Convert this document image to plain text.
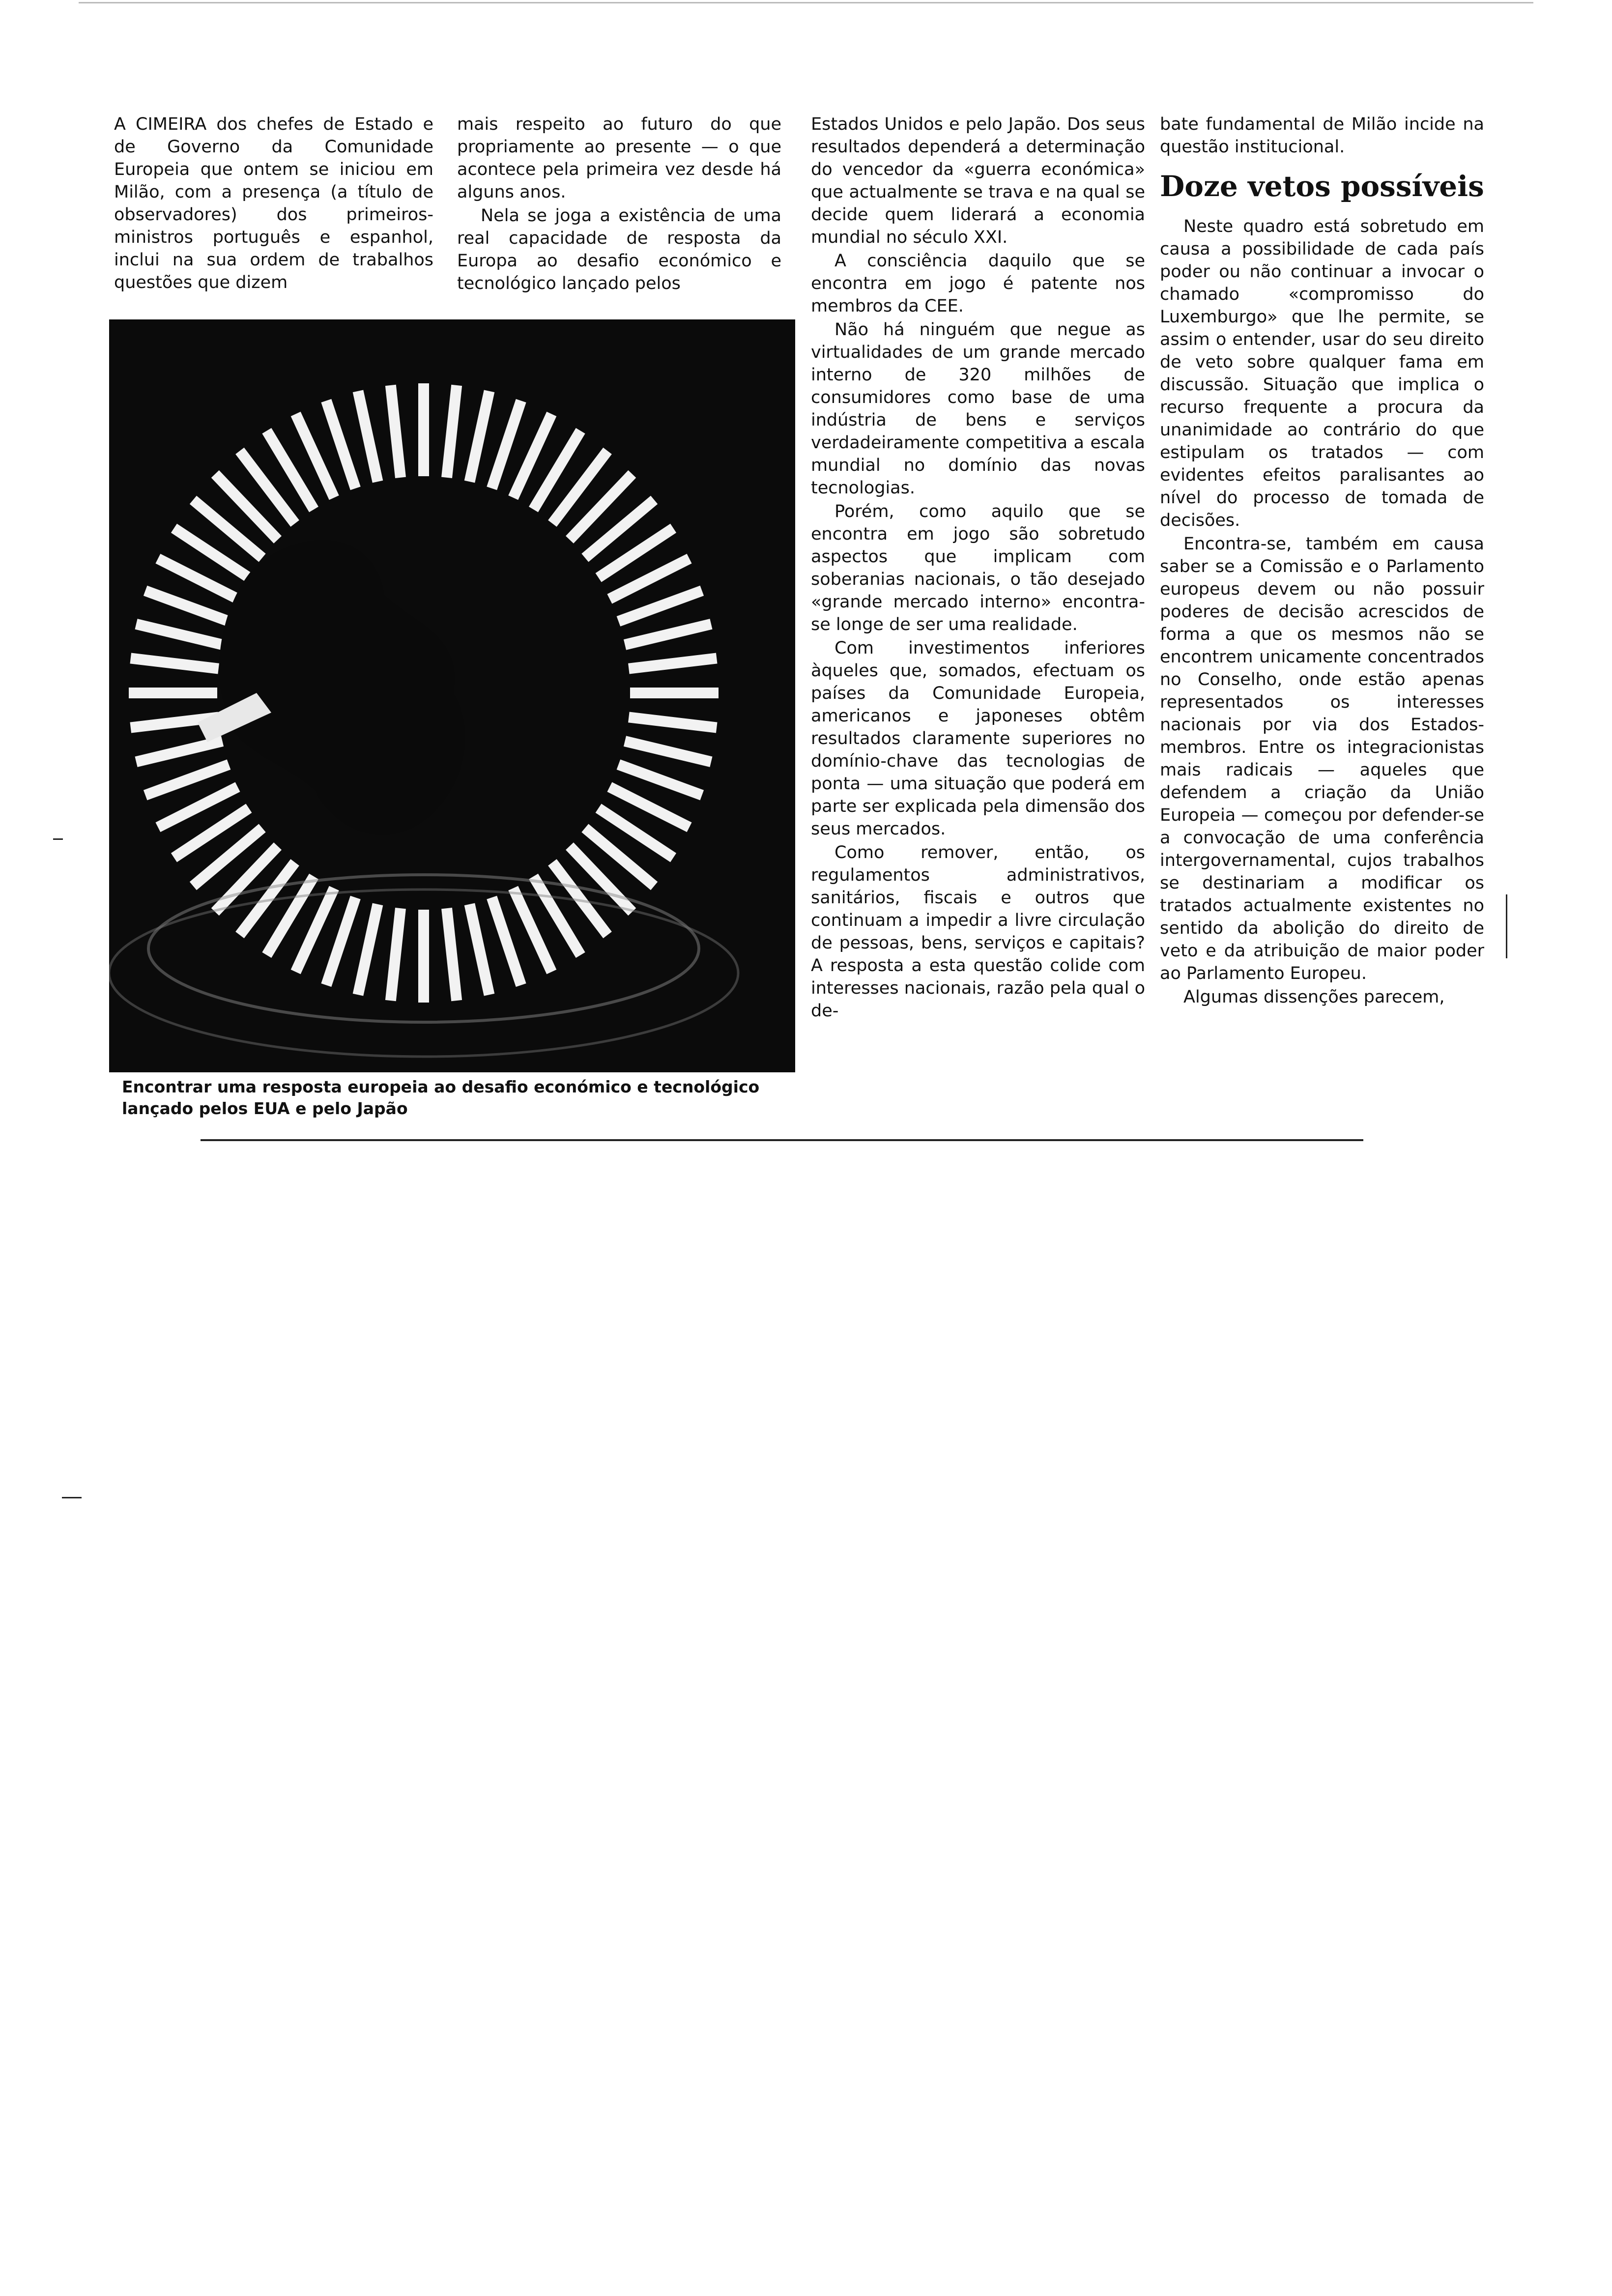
A CIMEIRA dos chefes de Estado e de Governo da Comunidade Europeia que ontem se iniciou em Milão, com a presença (a título de observadores) dos primeiros-ministros português e espanhol, inclui na sua ordem de trabalhos questões que dizem

mais respeito ao futuro do que propriamente ao presente — o que acontece pela primeira vez desde há alguns anos.

Nela se joga a existência de uma real capacidade de resposta da Europa ao desafio económico e tecnológico lançado pelos

Encontrar uma resposta europeia ao desafio económico e tecnológico lançado pelos EUA e pelo Japão

Estados Unidos e pelo Japão. Dos seus resultados dependerá a determinação do vencedor da «guerra económica» que actualmente se trava e na qual se decide quem liderará a economia mundial no século XXI.

A consciência daquilo que se encontra em jogo é patente nos membros da CEE.

Não há ninguém que negue as virtualidades de um grande mercado interno de 320 milhões de consumidores como base de uma indústria de bens e serviços verdadeiramente competitiva a escala mundial no domínio das novas tecnologias.

Porém, como aquilo que se encontra em jogo são sobretudo aspectos que implicam com soberanias nacionais, o tão desejado «grande mercado interno» encontra-se longe de ser uma realidade.

Com investimentos inferiores àqueles que, somados, efectuam os países da Comunidade Europeia, americanos e japoneses obtêm resultados claramente superiores no domínio-chave das tecnologias de ponta — uma situação que poderá em parte ser explicada pela dimensão dos seus mercados.

Como remover, então, os regulamentos administrativos, sanitários, fiscais e outros que continuam a impedir a livre circulação de pessoas, bens, serviços e capitais? A resposta a esta questão colide com interesses nacionais, razão pela qual o de-

bate fundamental de Milão incide na questão institucional.

Doze vetos possíveis

Neste quadro está sobretudo em causa a possibilidade de cada país poder ou não continuar a invocar o chamado «compromisso do Luxemburgo» que lhe permite, se assim o entender, usar do seu direito de veto sobre qualquer fama em discussão. Situação que implica o recurso frequente a procura da unanimidade ao contrário do que estipulam os tratados — com evidentes efeitos paralisantes ao nível do processo de tomada de decisões.

Encontra-se, também em causa saber se a Comissão e o Parlamento europeus devem ou não possuir poderes de decisão acrescidos de forma a que os mesmos não se encontrem unicamente concentrados no Conselho, onde estão apenas representados os interesses nacionais por via dos Estados-membros. Entre os integracionistas mais radicais — aqueles que defendem a criação da União Europeia — começou por defender-se a convocação de uma conferência intergovernamental, cujos trabalhos se destinariam a modificar os tratados actualmente existentes no sentido da abolição do direito de veto e da atribuição de maior poder ao Parlamento Europeu.

Algumas dissenções parecem,
